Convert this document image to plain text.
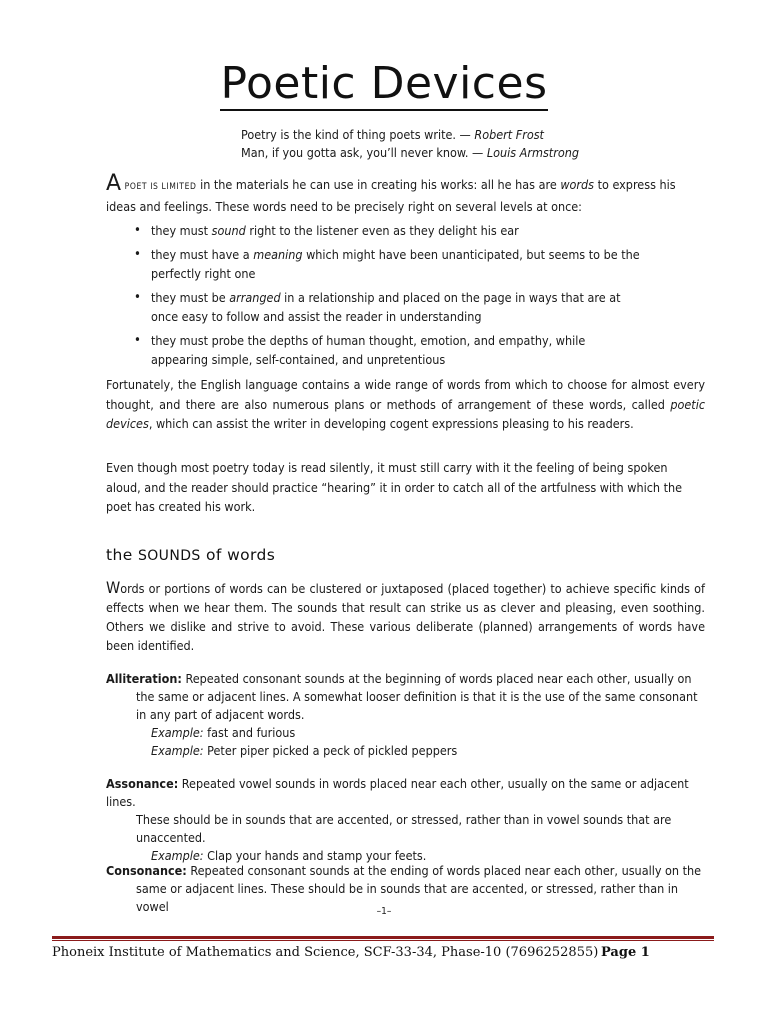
Poetic Devices
Poetry is the kind of thing poets write. — Robert Frost
Man, if you gotta ask, you’ll never know. — Louis Armstrong
A POET IS LIMITED in the materials he can use in creating his works: all he has are words to express his ideas and feelings. These words need to be precisely right on several levels at once:
• they must sound right to the listener even as they delight his ear
• they must have a meaning which might have been unanticipated, but seems to be the perfectly right one
• they must be arranged in a relationship and placed on the page in ways that are at once easy to follow and assist the reader in understanding
• they must probe the depths of human thought, emotion, and empathy, while appearing simple, self-contained, and unpretentious
Fortunately, the English language contains a wide range of words from which to choose for almost every thought, and there are also numerous plans or methods of arrangement of these words, called poetic devices, which can assist the writer in developing cogent expressions pleasing to his readers.
Even though most poetry today is read silently, it must still carry with it the feeling of being spoken aloud, and the reader should practice “hearing” it in order to catch all of the artfulness with which the poet has created his work.
the SOUNDS of words
Words or portions of words can be clustered or juxtaposed (placed together) to achieve specific kinds of effects when we hear them. The sounds that result can strike us as clever and pleasing, even soothing. Others we dislike and strive to avoid. These various deliberate (planned) arrangements of words have been identified.
Alliteration: Repeated consonant sounds at the beginning of words placed near each other, usually on
the same or adjacent lines. A somewhat looser definition is that it is the use of the same consonant in any part of adjacent words.
Example: fast and furious
Example: Peter piper picked a peck of pickled peppers
Assonance: Repeated vowel sounds in words placed near each other, usually on the same or adjacent lines.
These should be in sounds that are accented, or stressed, rather than in vowel sounds that are unaccented.
Example: Clap your hands and stamp your feets.
Consonance: Repeated consonant sounds at the ending of words placed near each other, usually on the
same or adjacent lines. These should be in sounds that are accented, or stressed, rather than in vowel	–1–
Phoneix Institute of Mathematics and Science, SCF-33-34, Phase-10 (7696252855) Page 1
